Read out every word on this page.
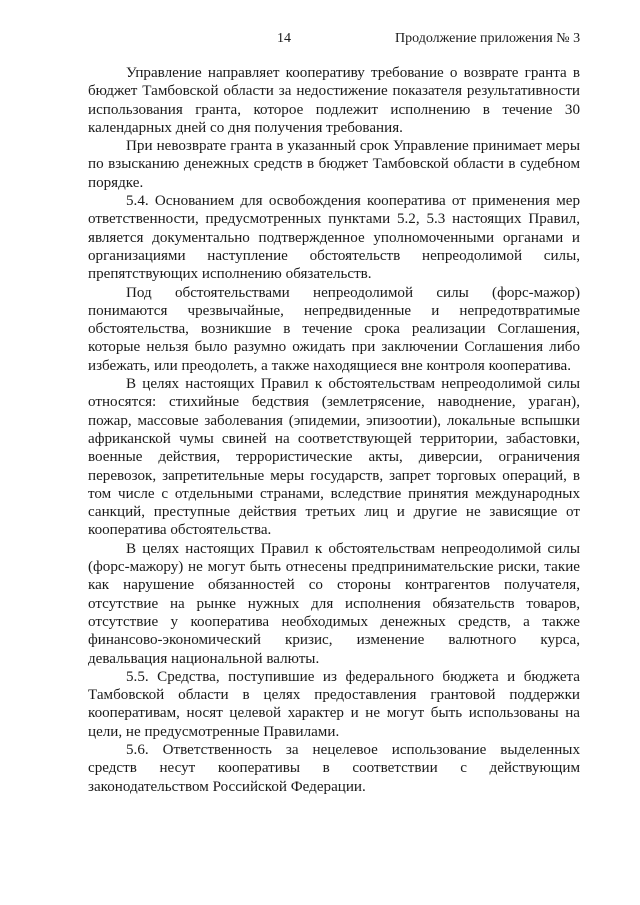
14	Продолжение приложения № 3

Управление направляет кооперативу требование о возврате гранта в бюджет Тамбовской области за недостижение показателя результативности использования гранта, которое подлежит исполнению в течение 30 календарных дней со дня получения требования.

При невозврате гранта в указанный срок Управление принимает меры по взысканию денежных средств в бюджет Тамбовской области в судебном порядке.

5.4. Основанием для освобождения кооператива от применения мер ответственности, предусмотренных пунктами 5.2, 5.3 настоящих Правил, является документально подтвержденное уполномоченными органами и организациями наступление обстоятельств непреодолимой силы, препятствующих исполнению обязательств.

Под обстоятельствами непреодолимой силы (форс-мажор) понимаются чрезвычайные, непредвиденные и непредотвратимые обстоятельства, возникшие в течение срока реализации Соглашения, которые нельзя было разумно ожидать при заключении Соглашения либо избежать, или преодолеть, а также находящиеся вне контроля кооператива.

В целях настоящих Правил к обстоятельствам непреодолимой силы относятся: стихийные бедствия (землетрясение, наводнение, ураган), пожар, массовые заболевания (эпидемии, эпизоотии), локальные вспышки африканской чумы свиней на соответствующей территории, забастовки, военные действия, террористические акты, диверсии, ограничения перевозок, запретительные меры государств, запрет торговых операций, в том числе с отдельными странами, вследствие принятия международных санкций, преступные действия третьих лиц и другие не зависящие от кооператива обстоятельства.

В целях настоящих Правил к обстоятельствам непреодолимой силы (форс-мажору) не могут быть отнесены предпринимательские риски, такие как нарушение обязанностей со стороны контрагентов получателя, отсутствие на рынке нужных для исполнения обязательств товаров, отсутствие у кооператива необходимых денежных средств, а также финансово-экономический кризис, изменение валютного курса, девальвация национальной валюты.

5.5. Средства, поступившие из федерального бюджета и бюджета Тамбовской области в целях предоставления грантовой поддержки кооперативам, носят целевой характер и не могут быть использованы на цели, не предусмотренные Правилами.

5.6. Ответственность за нецелевое использование выделенных средств несут кооперативы в соответствии с действующим законодательством Российской Федерации.
